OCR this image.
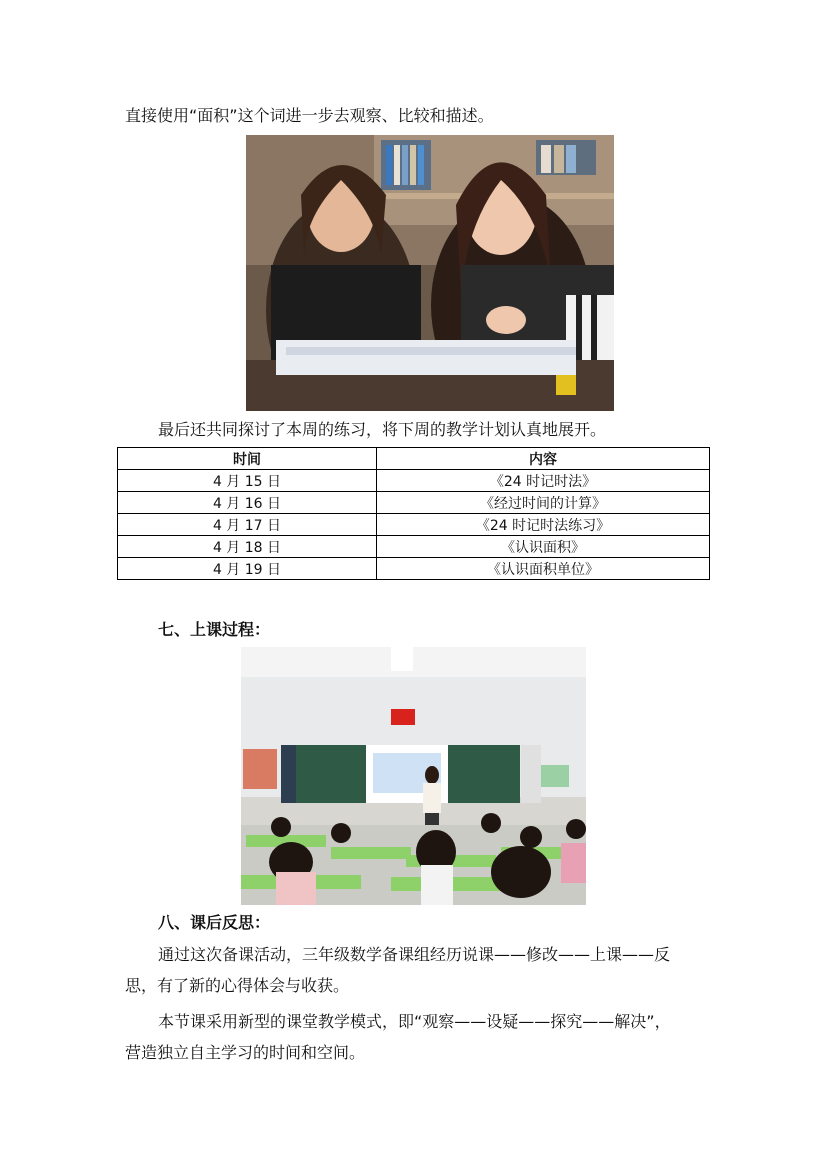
直接使用“面积”这个词进一步去观察、比较和描述。
最后还共同探讨了本周的练习，将下周的教学计划认真地展开。
时间	内容
4 月 15 日	《24 时记时法》
4 月 16 日	《经过时间的计算》
4 月 17 日	《24 时记时法练习》
4 月 18 日	《认识面积》
4 月 19 日	《认识面积单位》
七、上课过程：
八、课后反思：
通过这次备课活动，三年级数学备课组经历说课——修改——上课——反
思，有了新的心得体会与收获。
本节课采用新型的课堂教学模式，即“观察——设疑——探究——解决”，
营造独立自主学习的时间和空间。
